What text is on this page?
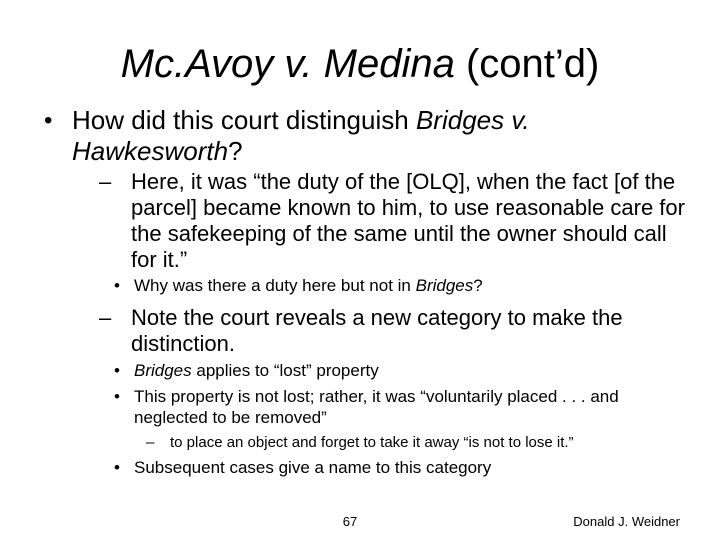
Mc.Avoy v. Medina (cont’d)
• How did this court distinguish Bridges v. Hawkesworth?
– Here, it was “the duty of the [OLQ], when the fact [of the parcel] became known to him, to use reasonable care for the safekeeping of the same until the owner should call for it.”
• Why was there a duty here but not in Bridges?
– Note the court reveals a new category to make the distinction.
• Bridges applies to “lost” property
• This property is not lost; rather, it was “voluntarily placed . . . and neglected to be removed”
– to place an object and forget to take it away “is not to lose it.”
• Subsequent cases give a name to this category
67	Donald J. Weidner
